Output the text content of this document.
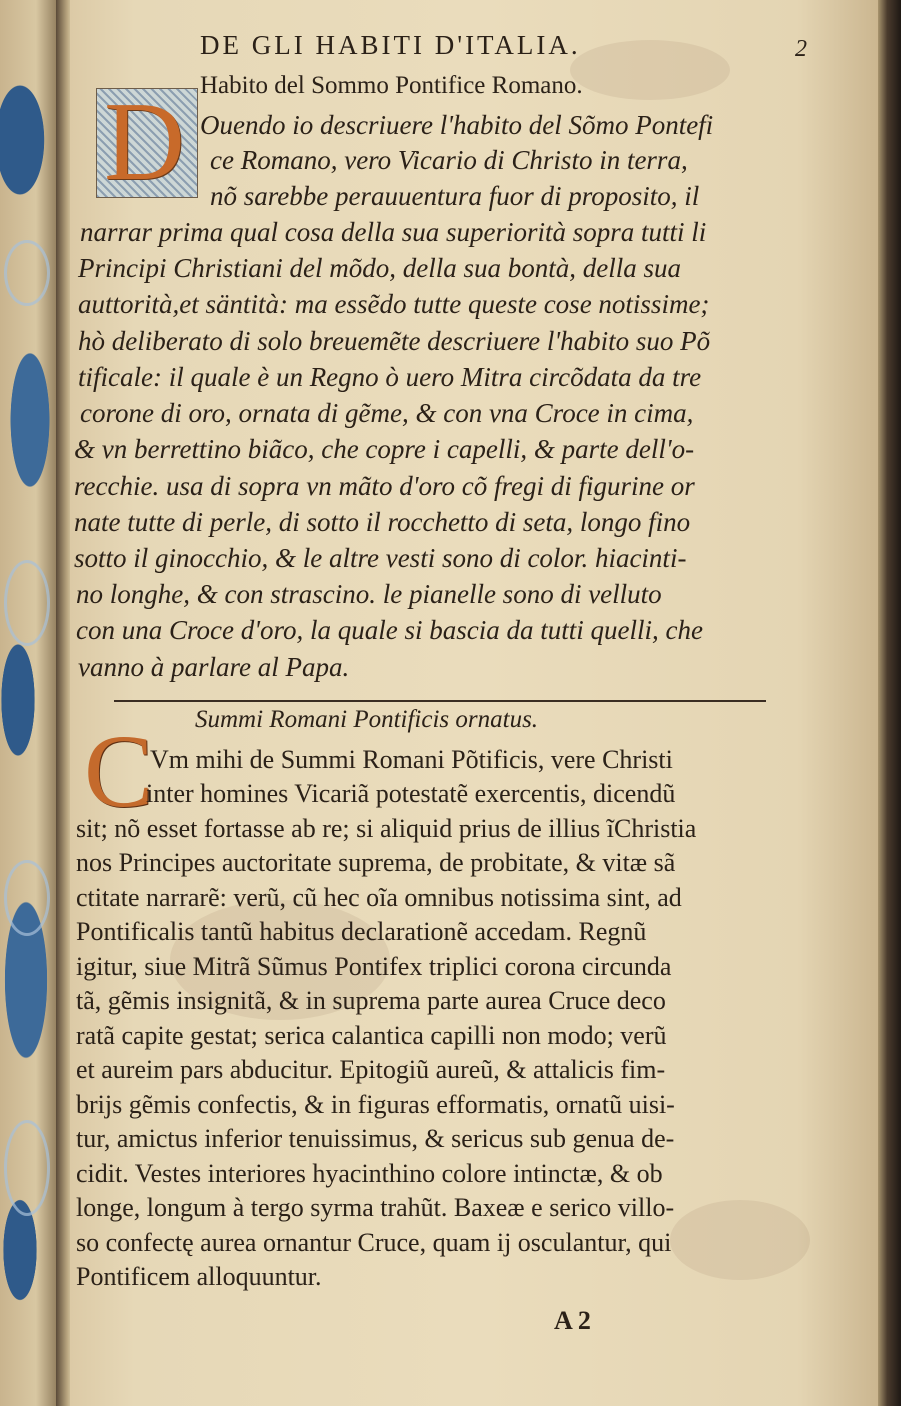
DE GLI HABITI D'ITALIA.	2
Habito del Sommo Pontifice Romano.
D Ouendo io descriuere l'habito del Sõmo Pontefi
ce Romano, vero Vicario di Christo in terra,
nõ sarebbe perauuentura fuor di proposito, il
narrar prima qual cosa della sua superiorità sopra tutti li
Principi Christiani del mõdo, della sua bontà, della sua
auttorità,et säntità: ma essẽdo tutte queste cose notissime;
hò deliberato di solo breuemẽte descriuere l'habito suo Põ
tificale: il quale è un Regno ò uero Mitra circõdata da tre
corone di oro, ornata di gẽme, & con vna Croce in cima,
& vn berrettino biãco, che copre i capelli, & parte dell'o-
recchie. usa di sopra vn mãto d'oro cõ fregi di figurine or
nate tutte di perle, di sotto il rocchetto di seta, longo fino
sotto il ginocchio, & le altre vesti sono di color. hiacinti-
no longhe, & con strascino. le pianelle sono di velluto
con una Croce d'oro, la quale si bascia da tutti quelli, che
vanno à parlare al Papa.
Summi Romani Pontificis ornatus.
C
Vm mihi de Summi Romani Põtificis, vere Christi
inter homines Vicariã potestatẽ exercentis, dicendũ
sit; nõ esset fortasse ab re; si aliquid prius de illius ĩChristia
nos Principes auctoritate suprema, de probitate, & vitæ sã
ctitate narrarẽ: verũ, cũ hec oĩa omnibus notissima sint, ad
Pontificalis tantũ habitus declarationẽ accedam. Regnũ
igitur, siue Mitrã Sũmus Pontifex triplici corona circunda
tã, gẽmis insignitã, & in suprema parte aurea Cruce deco
ratã capite gestat; serica calantica capilli non modo; verũ
et aureim pars abducitur. Epitogiũ aureũ, & attalicis fim-
brijs gẽmis confectis, & in figuras efformatis, ornatũ uisi-
tur, amictus inferior tenuissimus, & sericus sub genua de-
cidit. Vestes interiores hyacinthino colore intinctæ, & ob
longe, longum à tergo syrma trahũt. Baxeæ e serico villo-
so confectę aurea ornantur Cruce, quam ij osculantur, qui
Pontificem alloquuntur.
A 2
